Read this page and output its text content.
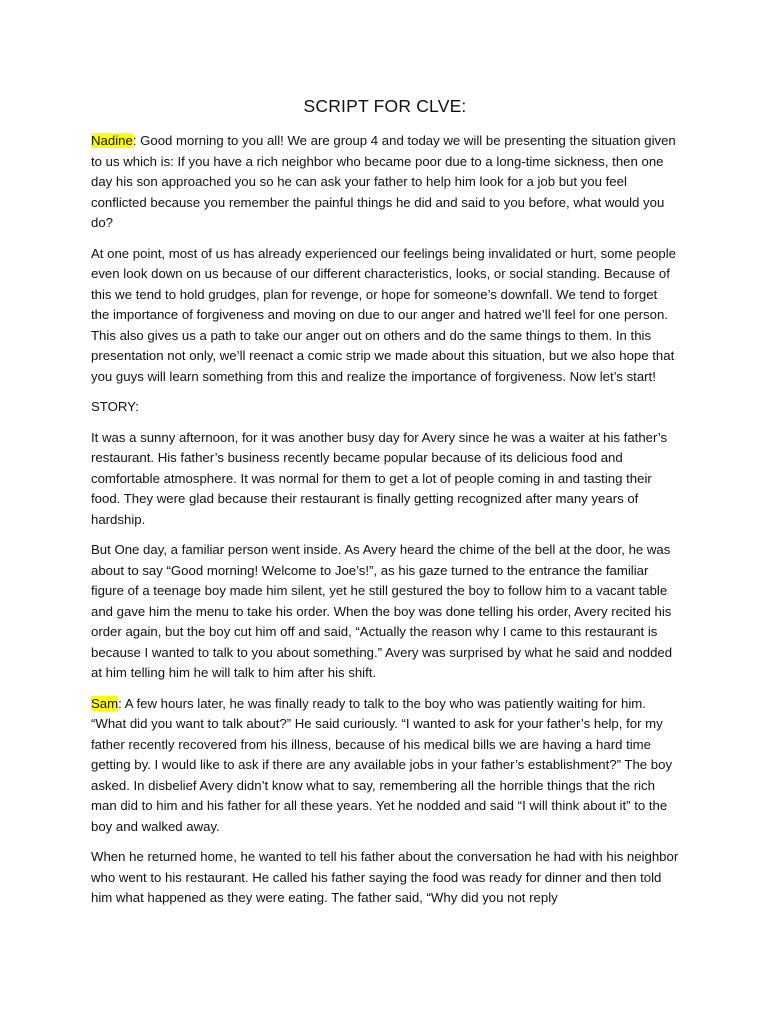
SCRIPT FOR CLVE:

Nadine: Good morning to you all! We are group 4 and today we will be presenting the situation given to us which is: If you have a rich neighbor who became poor due to a long-time sickness, then one day his son approached you so he can ask your father to help him look for a job but you feel conflicted because you remember the painful things he did and said to you before, what would you do?

At one point, most of us has already experienced our feelings being invalidated or hurt, some people even look down on us because of our different characteristics, looks, or social standing. Because of this we tend to hold grudges, plan for revenge, or hope for someone’s downfall. We tend to forget the importance of forgiveness and moving on due to our anger and hatred we’ll feel for one person. This also gives us a path to take our anger out on others and do the same things to them. In this presentation not only, we’ll reenact a comic strip we made about this situation, but we also hope that you guys will learn something from this and realize the importance of forgiveness. Now let’s start!

STORY:

It was a sunny afternoon, for it was another busy day for Avery since he was a waiter at his father’s restaurant. His father’s business recently became popular because of its delicious food and comfortable atmosphere. It was normal for them to get a lot of people coming in and tasting their food. They were glad because their restaurant is finally getting recognized after many years of hardship.

But One day, a familiar person went inside. As Avery heard the chime of the bell at the door, he was about to say “Good morning! Welcome to Joe’s!”, as his gaze turned to the entrance the familiar figure of a teenage boy made him silent, yet he still gestured the boy to follow him to a vacant table and gave him the menu to take his order. When the boy was done telling his order, Avery recited his order again, but the boy cut him off and said, “Actually the reason why I came to this restaurant is because I wanted to talk to you about something.” Avery was surprised by what he said and nodded at him telling him he will talk to him after his shift.

Sam: A few hours later, he was finally ready to talk to the boy who was patiently waiting for him. “What did you want to talk about?” He said curiously. “I wanted to ask for your father’s help, for my father recently recovered from his illness, because of his medical bills we are having a hard time getting by. I would like to ask if there are any available jobs in your father’s establishment?” The boy asked. In disbelief Avery didn’t know what to say, remembering all the horrible things that the rich man did to him and his father for all these years. Yet he nodded and said “I will think about it” to the boy and walked away.

When he returned home, he wanted to tell his father about the conversation he had with his neighbor who went to his restaurant. He called his father saying the food was ready for dinner and then told him what happened as they were eating. The father said, “Why did you not reply
